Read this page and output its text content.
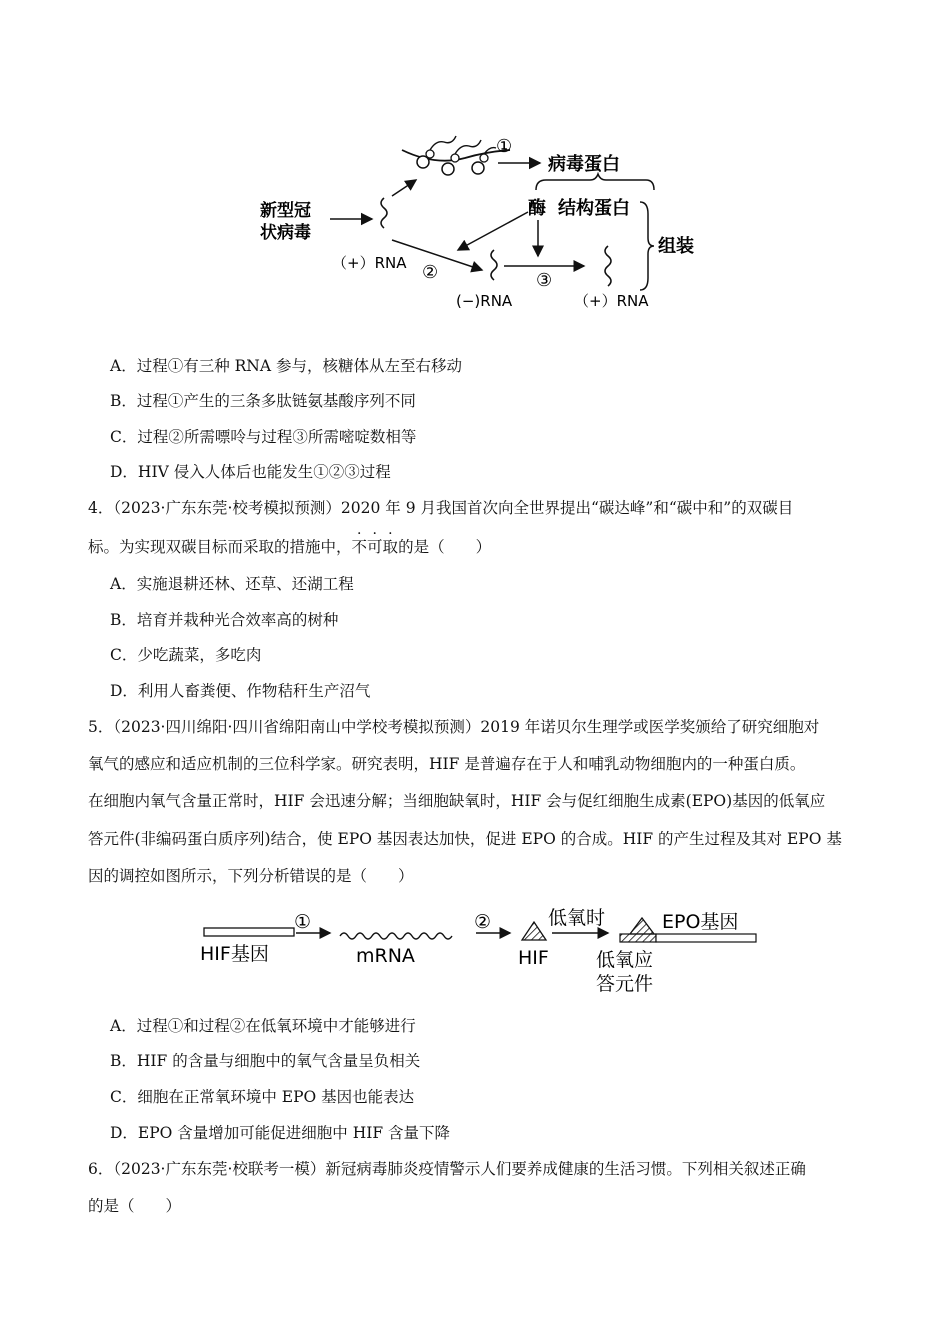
①
病毒蛋白
新型冠
状病毒
（+）RNA
酶 结构蛋白
②
(−)RNA
③
（+）RNA
组装
A．过程①有三种 RNA 参与，核糖体从左至右移动
B．过程①产生的三条多肽链氨基酸序列不同
C．过程②所需嘌呤与过程③所需嘧啶数相等
D．HIV 侵入人体后也能发生①②③过程
4．（2023·广东东莞·校考模拟预测）2020 年 9 月我国首次向全世界提出“碳达峰”和“碳中和”的双碳目
标。为实现双碳目标而采取的措施中，
·
不
·
可
·
取的是（　　）
A．实施退耕还林、还草、还湖工程
B．培育并栽种光合效率高的树种
C．少吃蔬菜，多吃肉
D．利用人畜粪便、作物秸秆生产沼气
5．（2023·四川绵阳·四川省绵阳南山中学校考模拟预测）2019 年诺贝尔生理学或医学奖颁给了研究细胞对
氧气的感应和适应机制的三位科学家。研究表明，HIF 是普遍存在于人和哺乳动物细胞内的一种蛋白质。
在细胞内氧气含量正常时，HIF 会迅速分解；当细胞缺氧时，HIF 会与促红细胞生成素(EPO)基因的低氧应
答元件(非编码蛋白质序列)结合，使 EPO 基因表达加快，促进 EPO 的合成。HIF 的产生过程及其对 EPO 基
因的调控如图所示，下列分析错误的是（　　）
HIF基因
①
mRNA
②
HIF
低氧时	EPO基因
低氧应
答元件
A．过程①和过程②在低氧环境中才能够进行
B．HIF 的含量与细胞中的氧气含量呈负相关
C．细胞在正常氧环境中 EPO 基因也能表达
D．EPO 含量增加可能促进细胞中 HIF 含量下降
6．（2023·广东东莞·校联考一模）新冠病毒肺炎疫情警示人们要养成健康的生活习惯。下列相关叙述正确
的是（　　）
